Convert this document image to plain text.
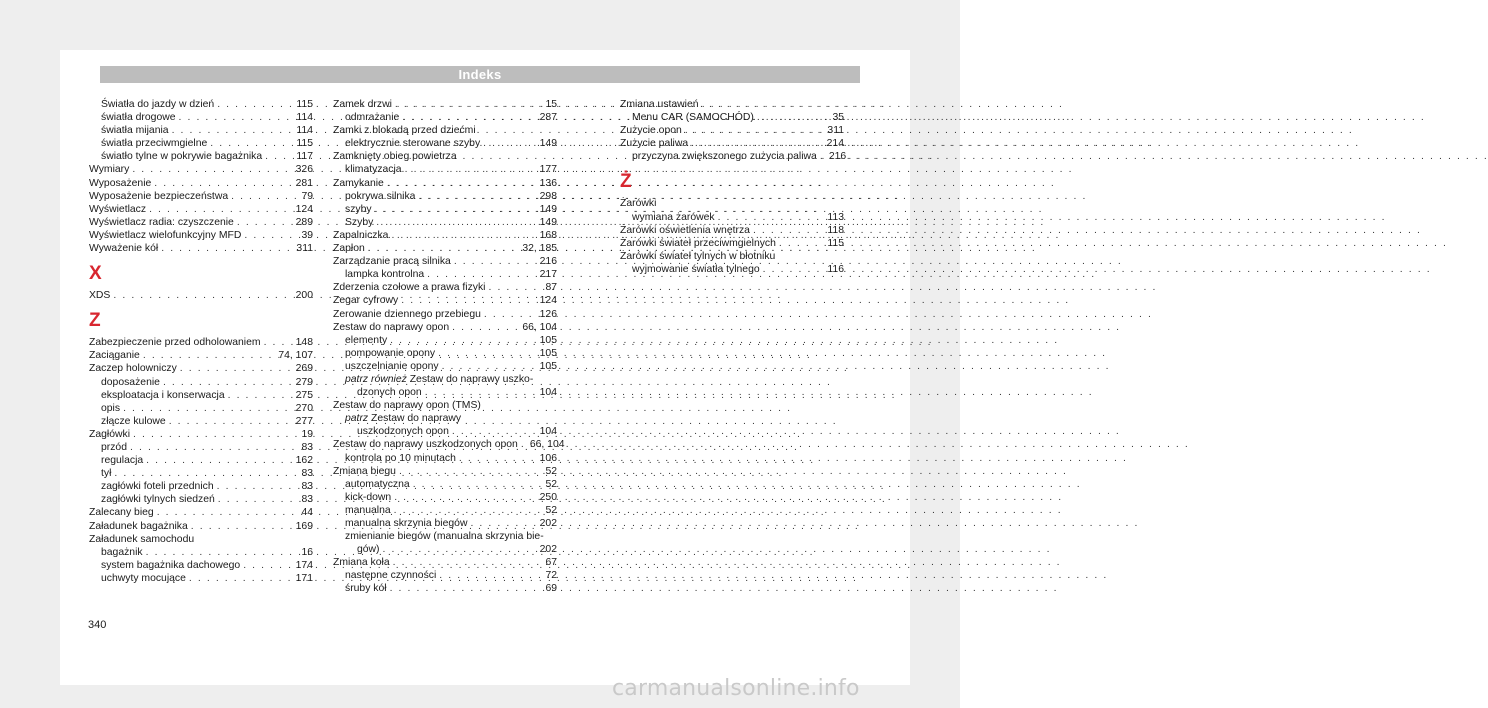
Indeks
Światła do jazdy w dzień . . .	115
światła drogowe . . .	114
światła mijania . . .	114
światła przeciwmgielne . . .	115
światło tylne w pokrywie bagażnika . . .	117
Wymiary . . .	326
Wyposażenie . . .	281
Wyposażenie bezpieczeństwa . . .	79
Wyświetlacz . . .	124
Wyświetlacz radia: czyszczenie . . .	289
Wyświetlacz wielofunkcyjny MFD . . .	39
Wyważenie kół . . .	311
X
XDS . . .	200
Z
Zabezpieczenie przed odholowaniem . . .	148
Zaciąganie . . .	74, 107
Zaczep holowniczy . . .	269
doposażenie . . .	279
eksploatacja i konserwacja . . .	275
opis . . .	270
złącze kulowe . . .	277
Zagłówki . . .	19
przód . . .	83
regulacja . . .	162
tył . . .	83
zagłówki foteli przednich . . .	83
zagłówki tylnych siedzeń . . .	83
Zalecany bieg . . .	44
Załadunek bagażnika . . .	169
Załadunek samochodu
bagażnik . . .	16
system bagażnika dachowego . . .	174
uchwyty mocujące . . .	171
Zamek drzwi . . .	15
odmrażanie . . .	287
Zamki z blokadą przed dziećmi
elektrycznie sterowane szyby . . .	149
Zamknięty obieg powietrza
klimatyzacja . . .	177
Zamykanie . . .	136
pokrywa silnika . . .	298
szyby . . .	149
Szyby . . .	149
Zapalniczka . . .	168
Zapłon . . .	32, 185
Zarządzanie pracą silnika . . .	216
lampka kontrolna . . .	217
Zderzenia czołowe a prawa fizyki . . .	87
Zegar cyfrowy . . .	124
Zerowanie dziennego przebiegu . . .	126
Zestaw do naprawy opon . . .	66, 104
elementy . . .	105
pompowanie opony . . .	105
uszczelnianie opony . . .	105
patrz również Zestaw do naprawy uszko-
dzonych opon . . .	104
Zestaw do naprawy opon (TMS)
patrz Zestaw do naprawy
uszkodzonych opon . . .	104
Zestaw do naprawy uszkodzonych opon . . . 66, 104
kontrola po 10 minutach . . .	106
Zmiana biegu . . .	52
automatyczna . . .	52
kick-down . . .	250
manualna . . .	52
manualna skrzynia biegów . . .	202
zmienianie biegów (manualna skrzynia bie-
gów) . . .	202
Zmiana koła . . .	67
następne czynności . . .	72
śruby kół . . .	69
Zmiana ustawień
Menu CAR (SAMOCHÓD) . . .	35
Zużycie opon . . .	311
Zużycie paliwa . . .	214
przyczyna zwiększonego zużycia paliwa . . . 216
Ż
Żarówki
wymiana żarówek . . .	113
Żarówki oświetlenia wnętrza . . .	118
Żarówki świateł przeciwmgielnych . . .	115
Żarówki świateł tylnych w błotniku
wyjmowanie światła tylnego . . .	116
340
carmanualsonline.info
